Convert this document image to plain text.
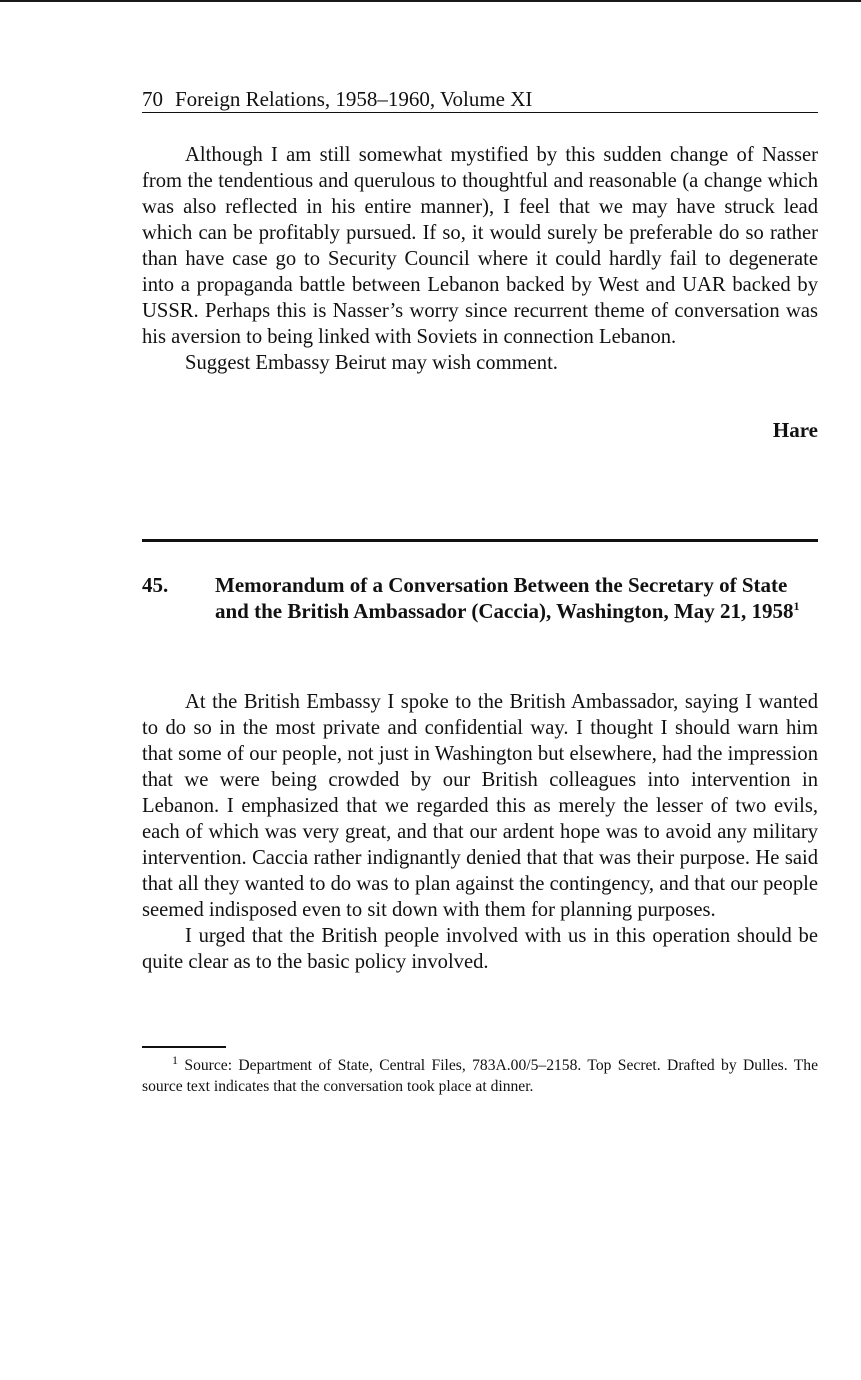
70 Foreign Relations, 1958–1960, Volume XI

Although I am still somewhat mystified by this sudden change of Nasser from the tendentious and querulous to thoughtful and reasonable (a change which was also reflected in his entire manner), I feel that we may have struck lead which can be profitably pursued. If so, it would surely be preferable do so rather than have case go to Security Council where it could hardly fail to degenerate into a propaganda battle between Lebanon backed by West and UAR backed by USSR. Perhaps this is Nasser’s worry since recurrent theme of conversation was his aversion to being linked with Soviets in connection Lebanon.

Suggest Embassy Beirut may wish comment.

Hare
45. Memorandum of a Conversation Between the Secretary of State and the British Ambassador (Caccia), Washington, May 21, 1958$^1$

At the British Embassy I spoke to the British Ambassador, saying I wanted to do so in the most private and confidential way. I thought I should warn him that some of our people, not just in Washington but elsewhere, had the impression that we were being crowded by our British colleagues into intervention in Lebanon. I emphasized that we regarded this as merely the lesser of two evils, each of which was very great, and that our ardent hope was to avoid any military intervention. Caccia rather indignantly denied that that was their purpose. He said that all they wanted to do was to plan against the contingency, and that our people seemed indisposed even to sit down with them for planning purposes.

I urged that the British people involved with us in this operation should be quite clear as to the basic policy involved.

$^1$ Source: Department of State, Central Files, 783A.00/5–2158. Top Secret. Drafted by Dulles. The source text indicates that the conversation took place at dinner.
